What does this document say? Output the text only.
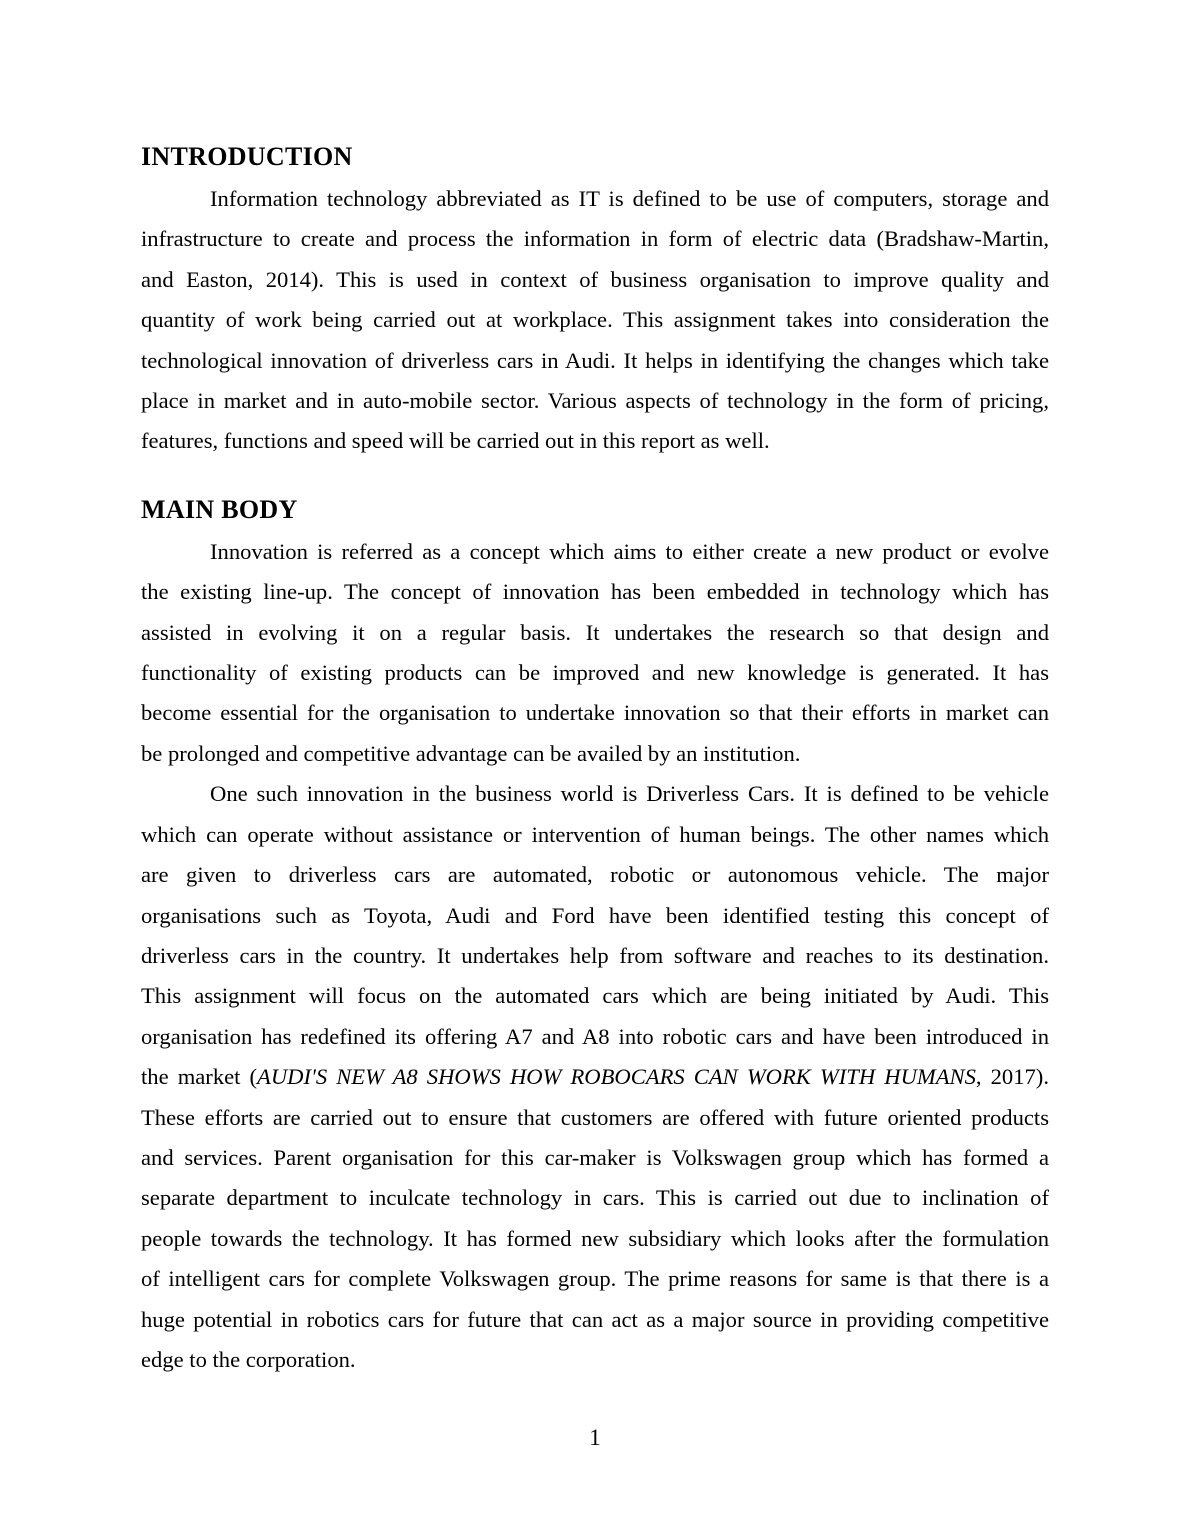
INTRODUCTION
Information technology abbreviated as IT is defined to be use of computers, storage and
infrastructure to create and process the information in form of electric data (Bradshaw-Martin,
and Easton, 2014). This is used in context of business organisation to improve quality and
quantity of work being carried out at workplace. This assignment takes into consideration the
technological innovation of driverless cars in Audi. It helps in identifying the changes which take
place in market and in auto-mobile sector. Various aspects of technology in the form of pricing,
features, functions and speed will be carried out in this report as well.
MAIN BODY
Innovation is referred as a concept which aims to either create a new product or evolve
the existing line-up. The concept of innovation has been embedded in technology which has
assisted in evolving it on a regular basis. It undertakes the research so that design and
functionality of existing products can be improved and new knowledge is generated. It has
become essential for the organisation to undertake innovation so that their efforts in market can
be prolonged and competitive advantage can be availed by an institution.
One such innovation in the business world is Driverless Cars. It is defined to be vehicle
which can operate without assistance or intervention of human beings. The other names which
are given to driverless cars are automated, robotic or autonomous vehicle. The major
organisations such as Toyota, Audi and Ford have been identified testing this concept of
driverless cars in the country. It undertakes help from software and reaches to its destination.
This assignment will focus on the automated cars which are being initiated by Audi. This
organisation has redefined its offering A7 and A8 into robotic cars and have been introduced in
the market (AUDI'S NEW A8 SHOWS HOW ROBOCARS CAN WORK WITH HUMANS, 2017).
These efforts are carried out to ensure that customers are offered with future oriented products
and services. Parent organisation for this car-maker is Volkswagen group which has formed a
separate department to inculcate technology in cars. This is carried out due to inclination of
people towards the technology. It has formed new subsidiary which looks after the formulation
of intelligent cars for complete Volkswagen group. The prime reasons for same is that there is a
huge potential in robotics cars for future that can act as a major source in providing competitive
edge to the corporation.
1
